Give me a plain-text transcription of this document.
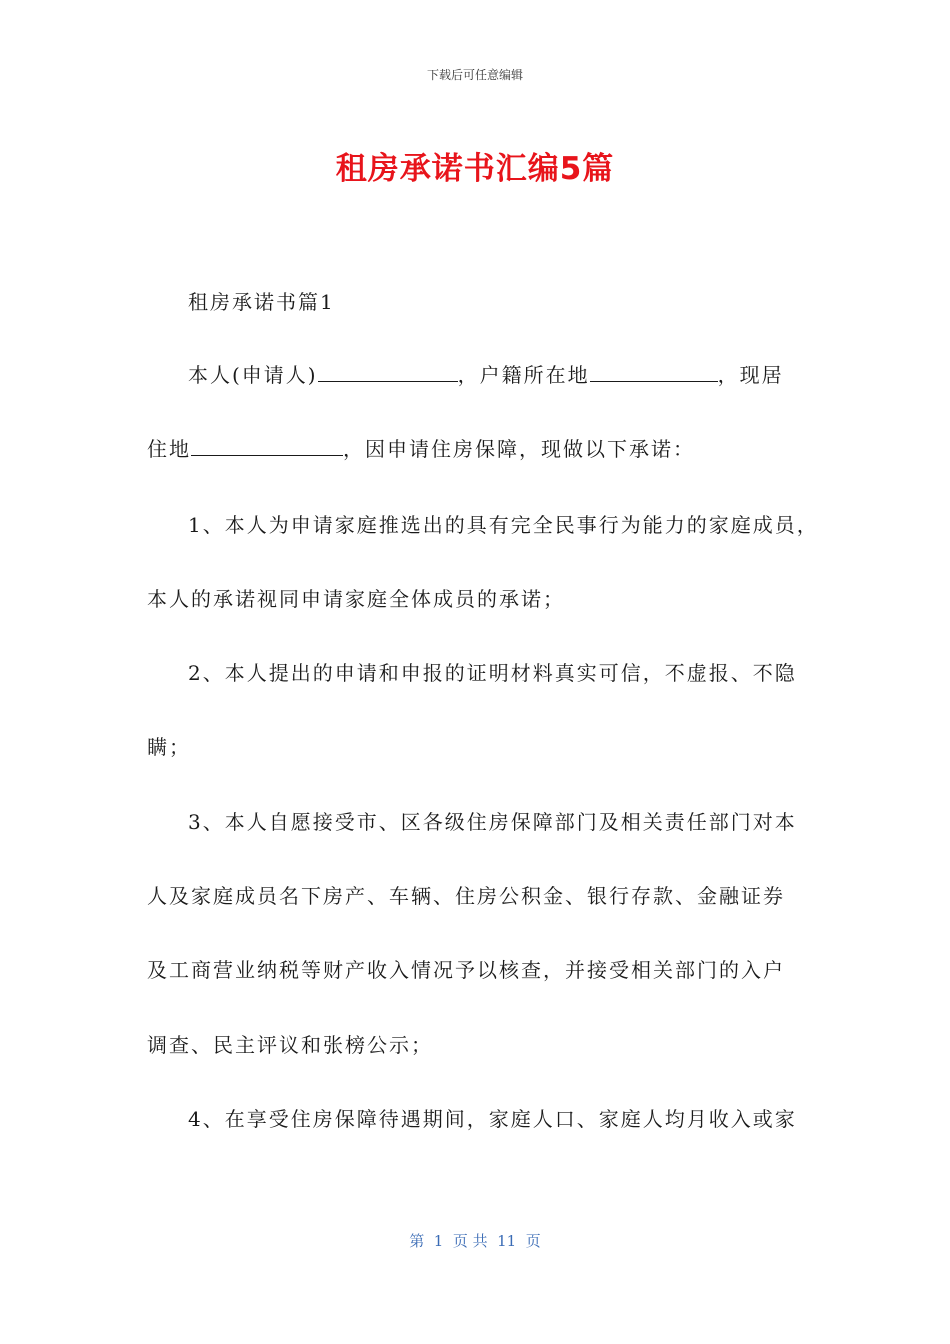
下载后可任意编辑
租房承诺书汇编5篇
租房承诺书篇1
本人(申请人)	，户籍所在地	，现居
住地	，因申请住房保障，现做以下承诺：
1、本人为申请家庭推选出的具有完全民事行为能力的家庭成员，
本人的承诺视同申请家庭全体成员的承诺；
2、本人提出的申请和申报的证明材料真实可信，不虚报、不隐
瞒；
3、本人自愿接受市、区各级住房保障部门及相关责任部门对本
人及家庭成员名下房产、车辆、住房公积金、银行存款、金融证券
及工商营业纳税等财产收入情况予以核查，并接受相关部门的入户
调查、民主评议和张榜公示；
4、在享受住房保障待遇期间，家庭人口、家庭人均月收入或家
第  1  页 共  11  页
